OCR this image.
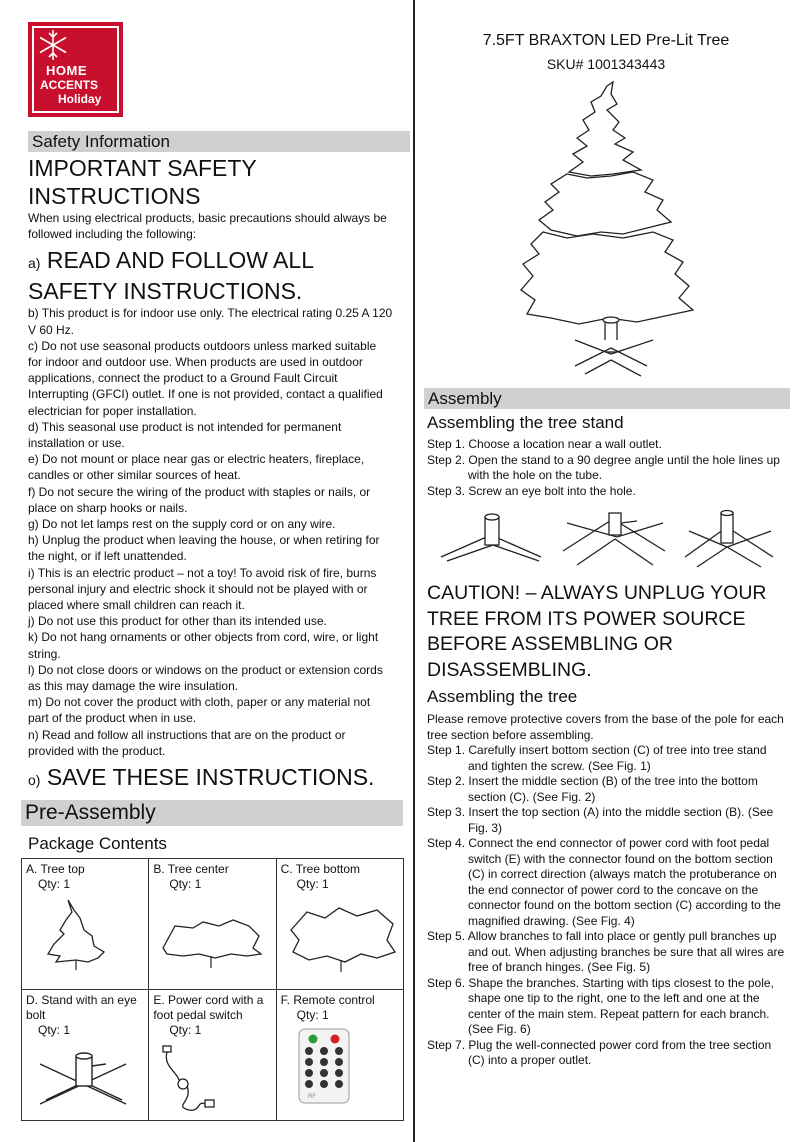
HOME
ACCENTS
Holiday
Safety Information
IMPORTANT SAFETY INSTRUCTIONS

When using electrical products, basic precautions should always be followed including the following:

a) READ AND FOLLOW ALL SAFETY INSTRUCTIONS.

b) This product is for indoor use only. The electrical rating 0.25 A 120 V 60 Hz.

c) Do not use seasonal products outdoors unless marked suitable for indoor and outdoor use. When products are used in outdoor applications, connect the product to a Ground Fault Circuit Interrupting (GFCI) outlet. If one is not provided, contact a qualified electrician for poper installation.

d) This seasonal use product is not intended for permanent installation or use.

e) Do not mount or place near gas or electric heaters, fireplace, candles or other similar sources of heat.

f) Do not secure the wiring of the product with staples or nails, or place on sharp hooks or nails.

g) Do not let lamps rest on the supply cord or on any wire.

h) Unplug the product when leaving the house, or when retiring for the night, or if left unattended.

i) This is an electric product – not a toy! To avoid risk of fire, burns personal injury and electric shock it should not be played with or placed where small children can reach it.

j) Do not use this product for other than its intended use.

k) Do not hang ornaments or other objects from cord, wire, or light string.

l) Do not close doors or windows on the product or extension cords as this may damage the wire insulation.

m) Do not cover the product with cloth, paper or any material not part of the product when in use.

n) Read and follow all instructions that are on the product or provided with the product.

o) SAVE THESE INSTRUCTIONS.
Pre-Assembly
Package Contents
A. Tree top
Qty: 1	B. Tree center
Qty: 1	C. Tree bottom
Qty: 1

D. Stand with an eye bolt
Qty: 1	E. Power cord with a foot pedal switch
Qty: 1	F. Remote control
Qty: 1
RF
7.5FT BRAXTON LED Pre-Lit Tree
SKU# 1001343443
Assembly
Assembling the tree stand
Step 1. Choose a location near a wall outlet.
Step 2. Open the stand to a 90 degree angle until the hole lines up with the hole on the tube.
Step 3. Screw an eye bolt into the hole.
CAUTION! – ALWAYS UNPLUG YOUR TREE FROM ITS POWER SOURCE BEFORE ASSEMBLING OR DISASSEMBLING.
Assembling the tree

Please remove protective covers from the base of the pole for each tree section before assembling.

Step 1. Carefully insert bottom section (C) of tree into tree stand and tighten the screw. (See Fig. 1)
Step 2. Insert the middle section (B) of the tree into the bottom section (C). (See Fig. 2)
Step 3. Insert the top section (A) into the middle section (B). (See Fig. 3)
Step 4. Connect the end connector of power cord with foot pedal switch (E) with the connector found on the bottom section (C) in correct direction (always match the protuberance on the end connector of power cord to the concave on the connector found on the bottom section (C) according to the magnified drawing. (See Fig. 4)
Step 5. Allow branches to fall into place or gently pull branches up and out. When adjusting branches be sure that all wires are free of branch hinges. (See Fig. 5)
Step 6. Shape the branches. Starting with tips closest to the pole, shape one tip to the right, one to the left and one at the center of the main stem. Repeat pattern for each branch. (See Fig. 6)
Step 7. Plug the well-connected power cord from the tree section (C) into a proper outlet.
